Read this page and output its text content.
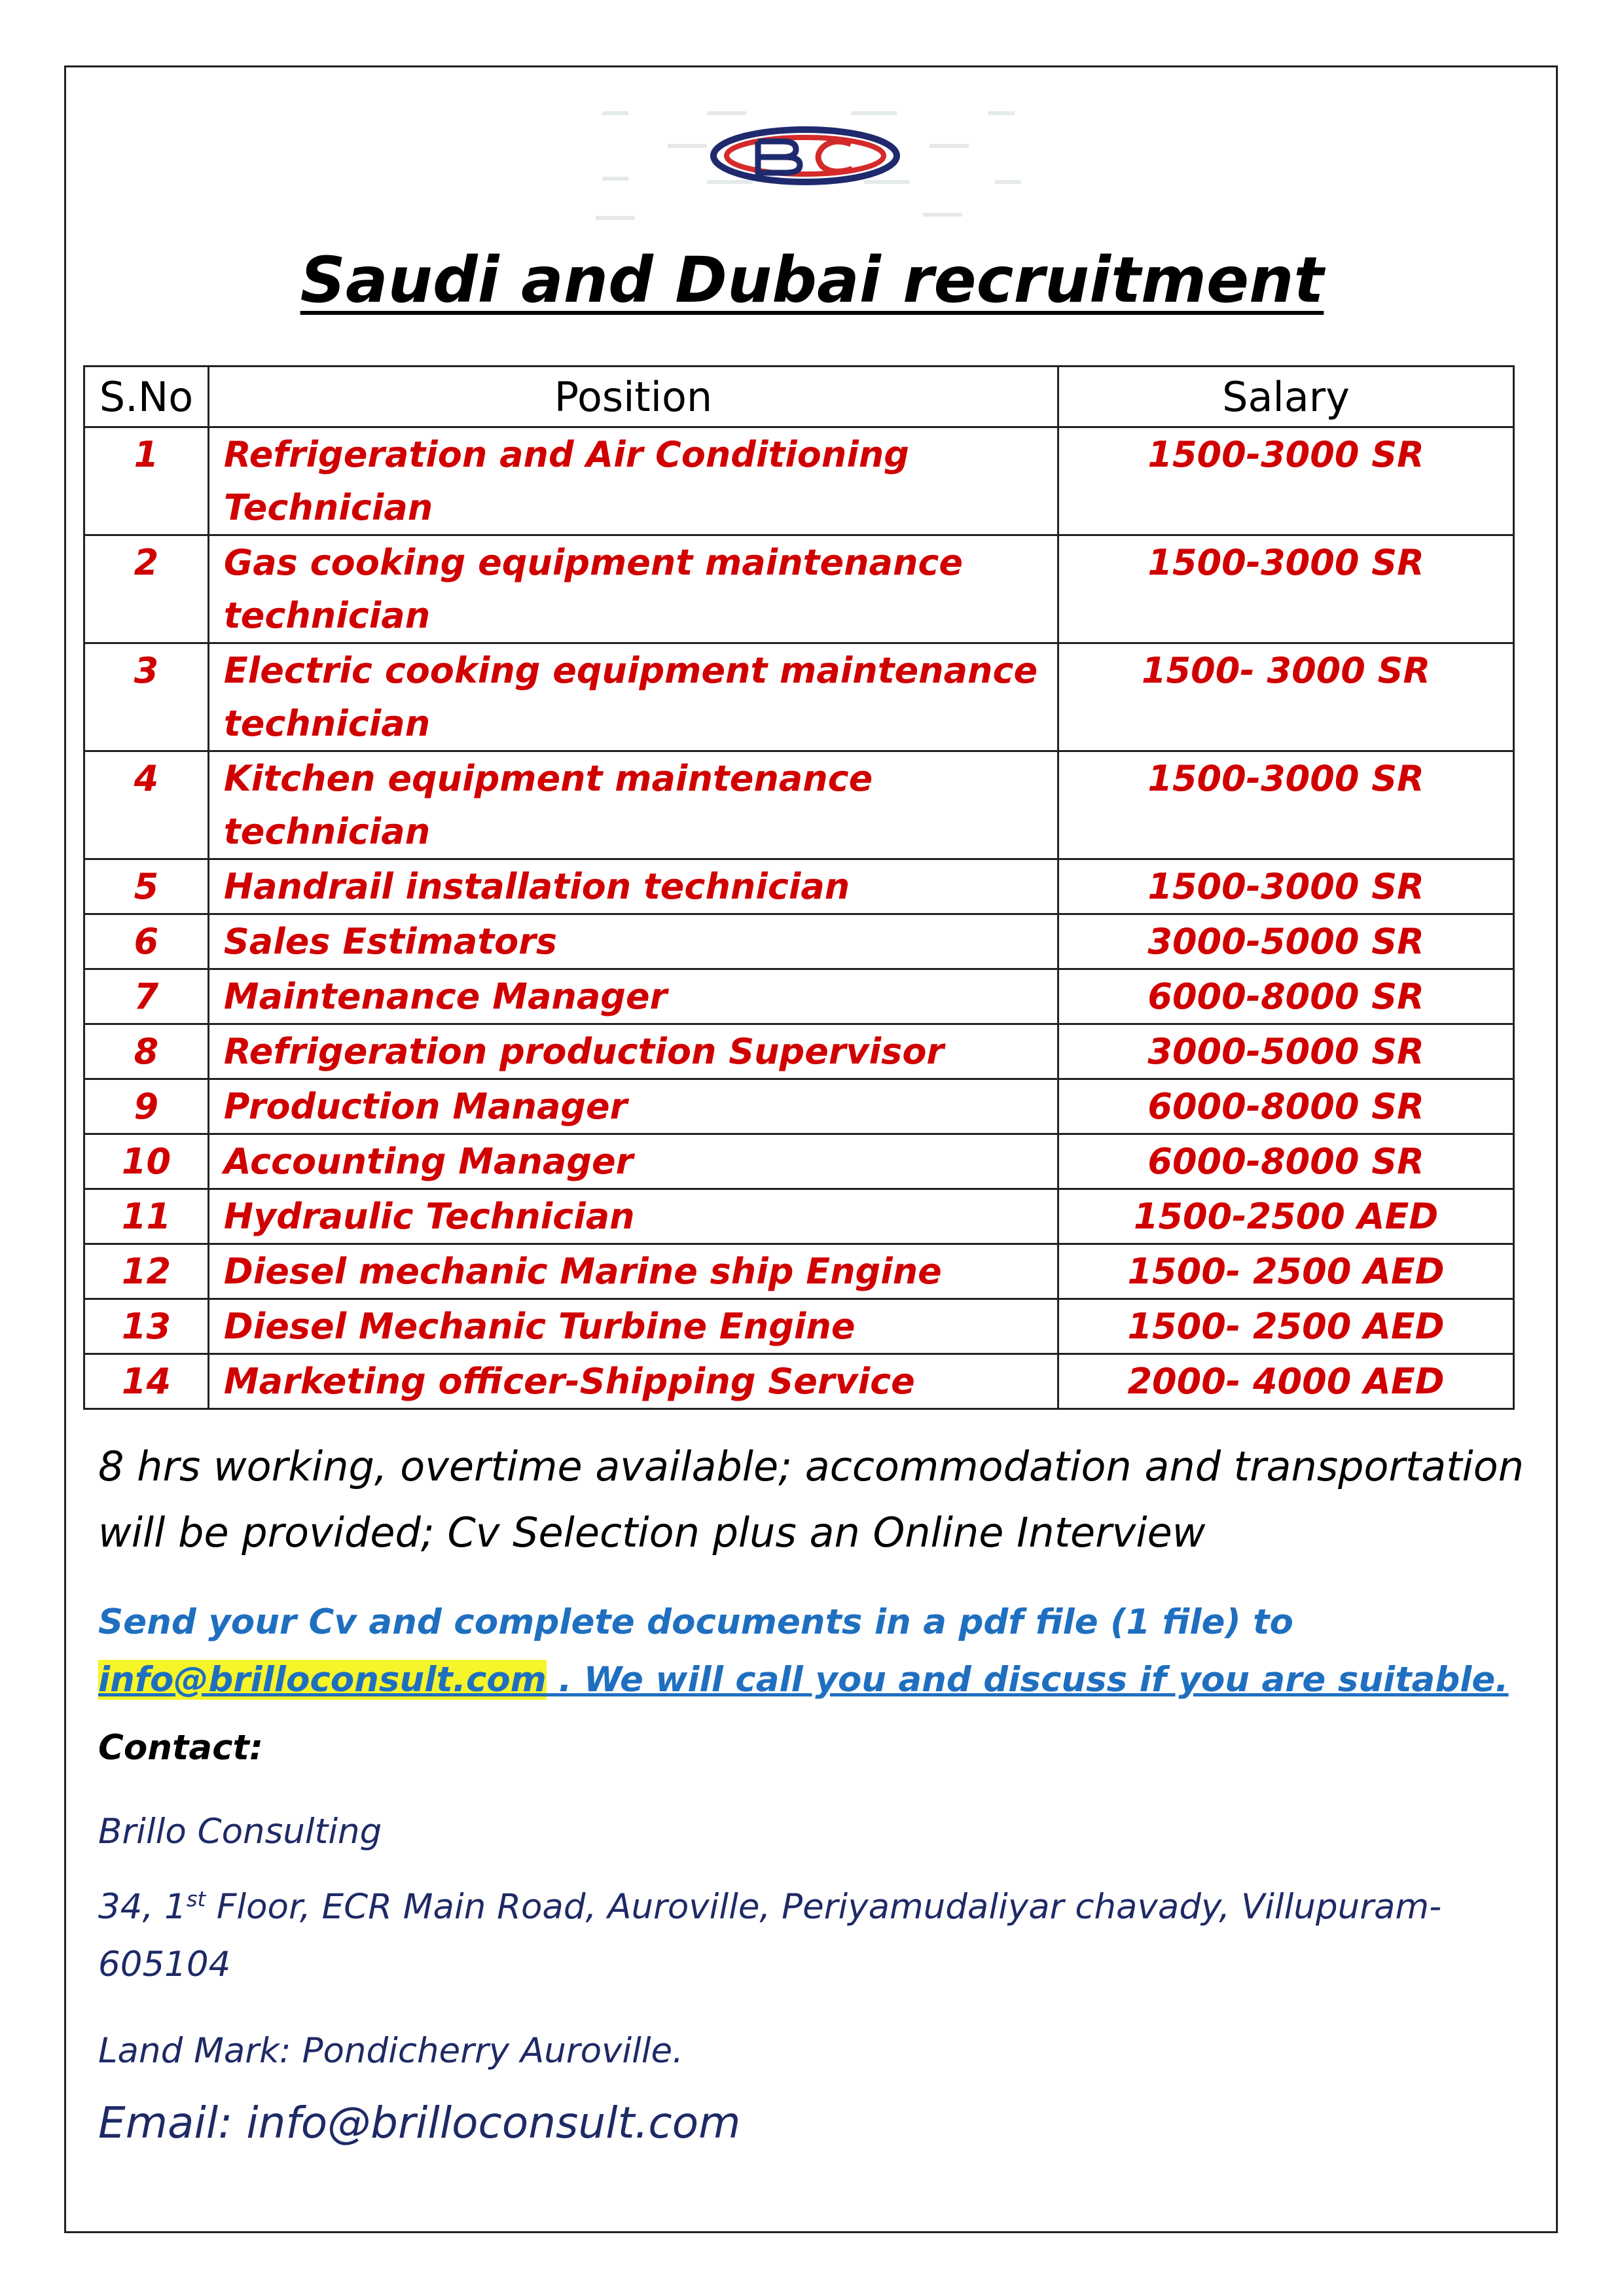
Saudi and Dubai recruitment
S.No	Position	Salary
1	Refrigeration and Air Conditioning Technician	1500-3000 SR
2	Gas cooking equipment maintenance technician	1500-3000 SR
3	Electric cooking equipment maintenance technician	1500- 3000 SR
4	Kitchen equipment maintenance technician	1500-3000 SR
5	Handrail installation technician	1500-3000 SR
6	Sales Estimators	3000-5000 SR
7	Maintenance Manager	6000-8000 SR
8	Refrigeration production Supervisor	3000-5000 SR
9	Production Manager	6000-8000 SR
10	Accounting Manager	6000-8000 SR
11	Hydraulic Technician	1500-2500 AED
12	Diesel mechanic Marine ship Engine	1500- 2500 AED
13	Diesel Mechanic Turbine Engine	1500- 2500 AED
14	Marketing officer-Shipping Service	2000- 4000 AED
8 hrs working, overtime available; accommodation and transportation
will be provided; Cv Selection plus an Online Interview
Send your Cv and complete documents in a pdf file (1 file) to
info@brilloconsult.com . We will call you and discuss if you are suitable.
Contact:
Brillo Consulting
34, 1st Floor, ECR Main Road, Auroville, Periyamudaliyar chavady, Villupuram-
605104
Land Mark: Pondicherry Auroville.
Email: info@brilloconsult.com
